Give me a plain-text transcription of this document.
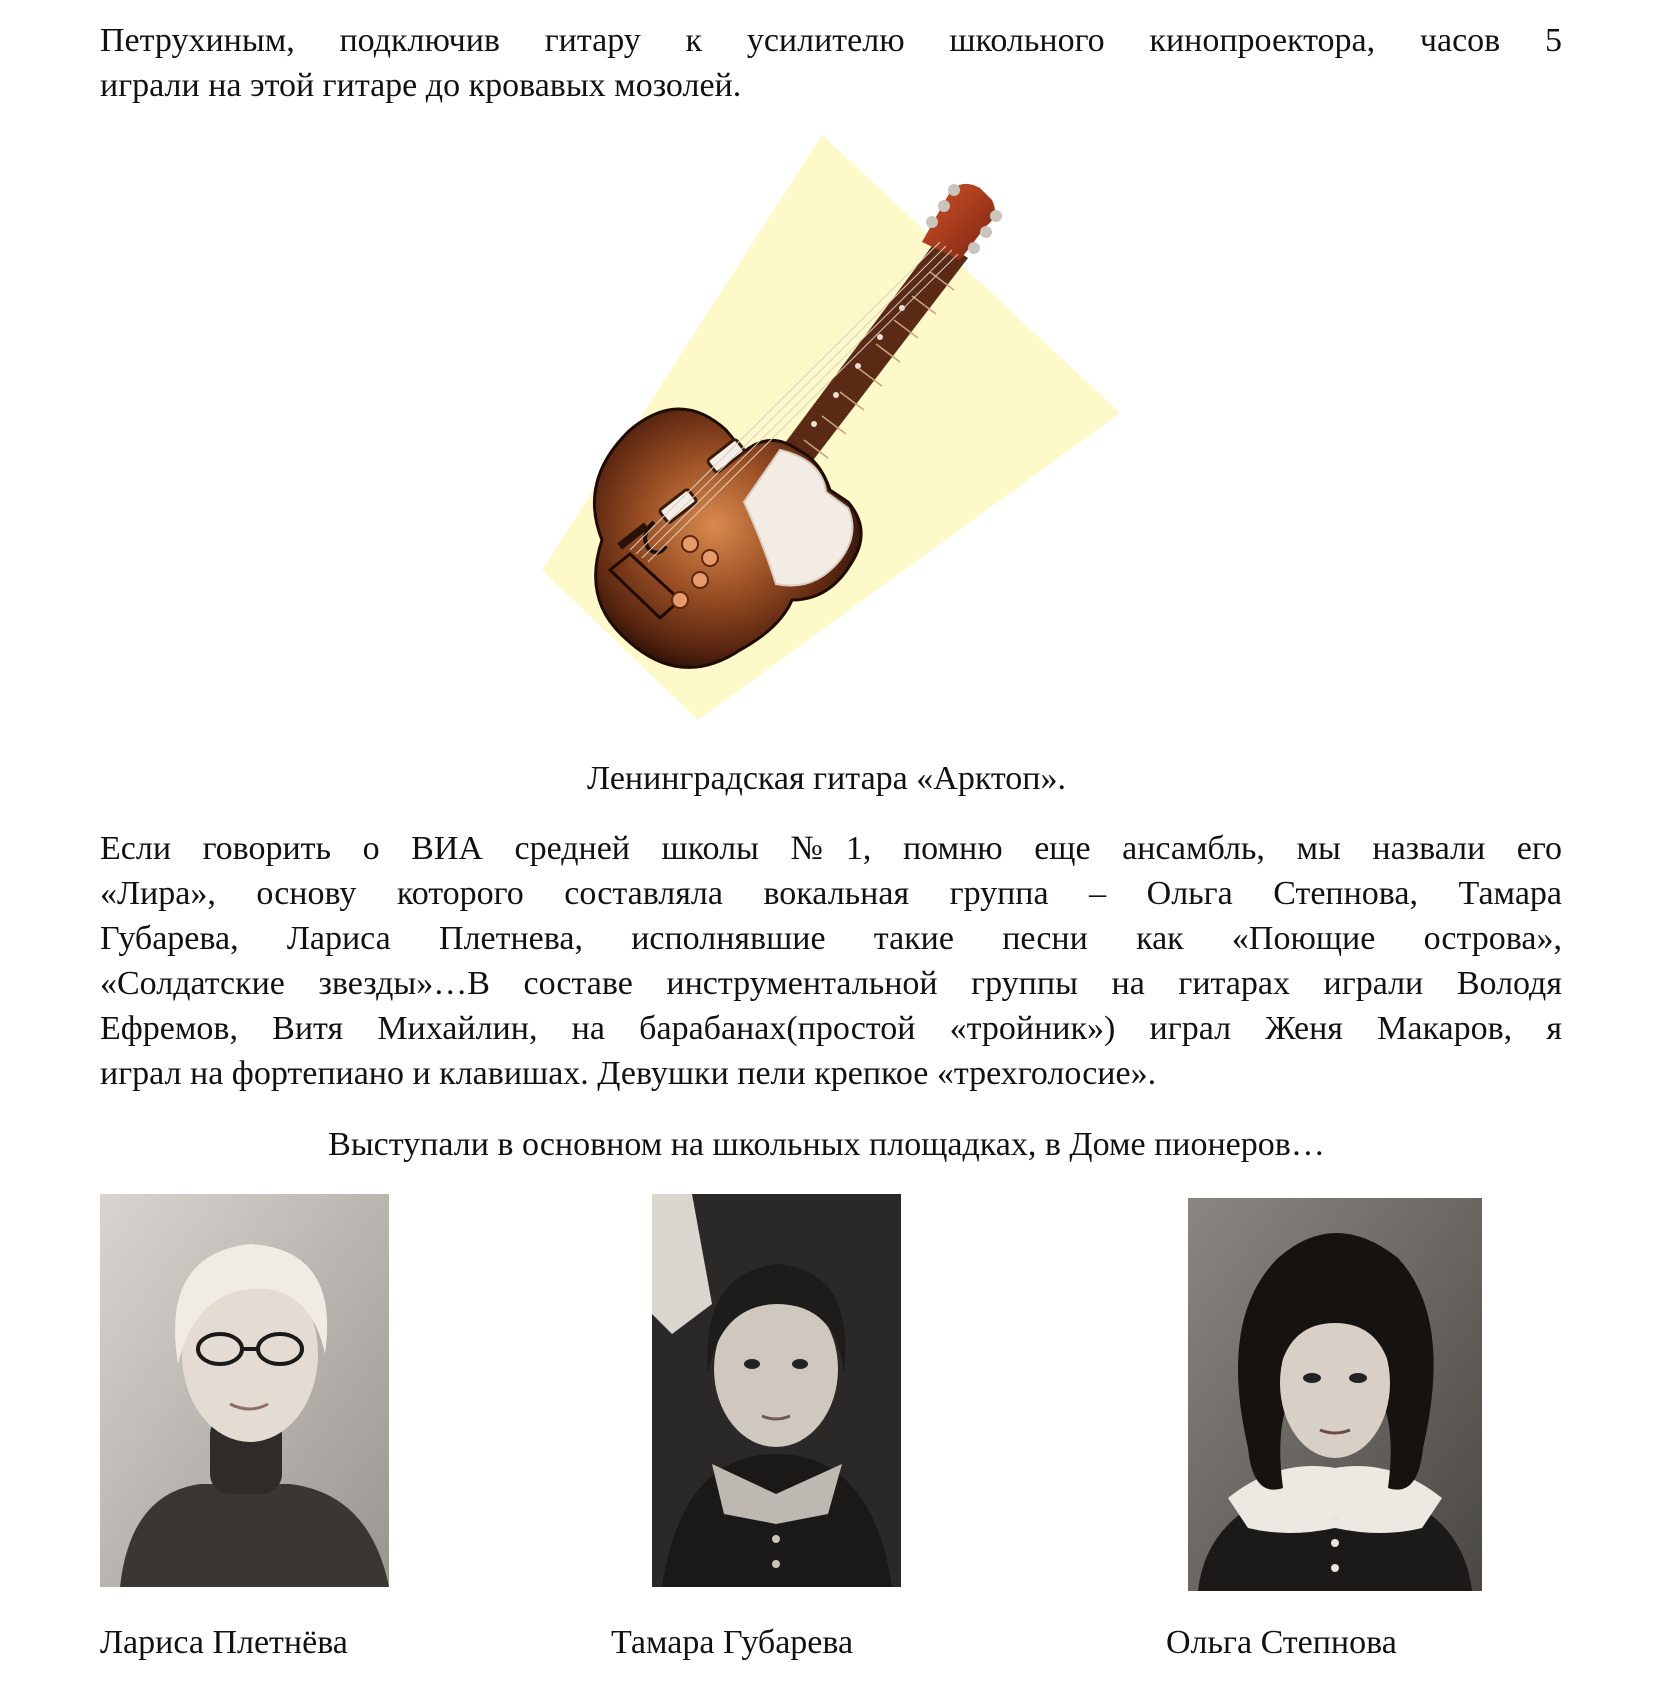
Петрухиным, подключив гитару к усилителю школьного кинопроектора, часов 5
играли на этой гитаре до кровавых мозолей.

Ленинградская гитара «Арктоп».

Если говорить о ВИА средней школы №1, помню еще ансамбль, мы назвали его
«Лира», основу которого составляла вокальная группа – Ольга Степнова, Тамара
Губарева, Лариса Плетнева, исполнявшие такие песни как «Поющие острова»,
«Солдатские звезды»…В составе инструментальной группы на гитарах играли Володя
Ефремов, Витя Михайлин, на барабанах(простой «тройник») играл Женя Макаров, я
играл на фортепиано и клавишах. Девушки пели крепкое «трехголосие».

Выступали в основном на школьных площадках, в Доме пионеров…

Лариса Плетнёва	Тамара Губарева	Ольга Степнова
